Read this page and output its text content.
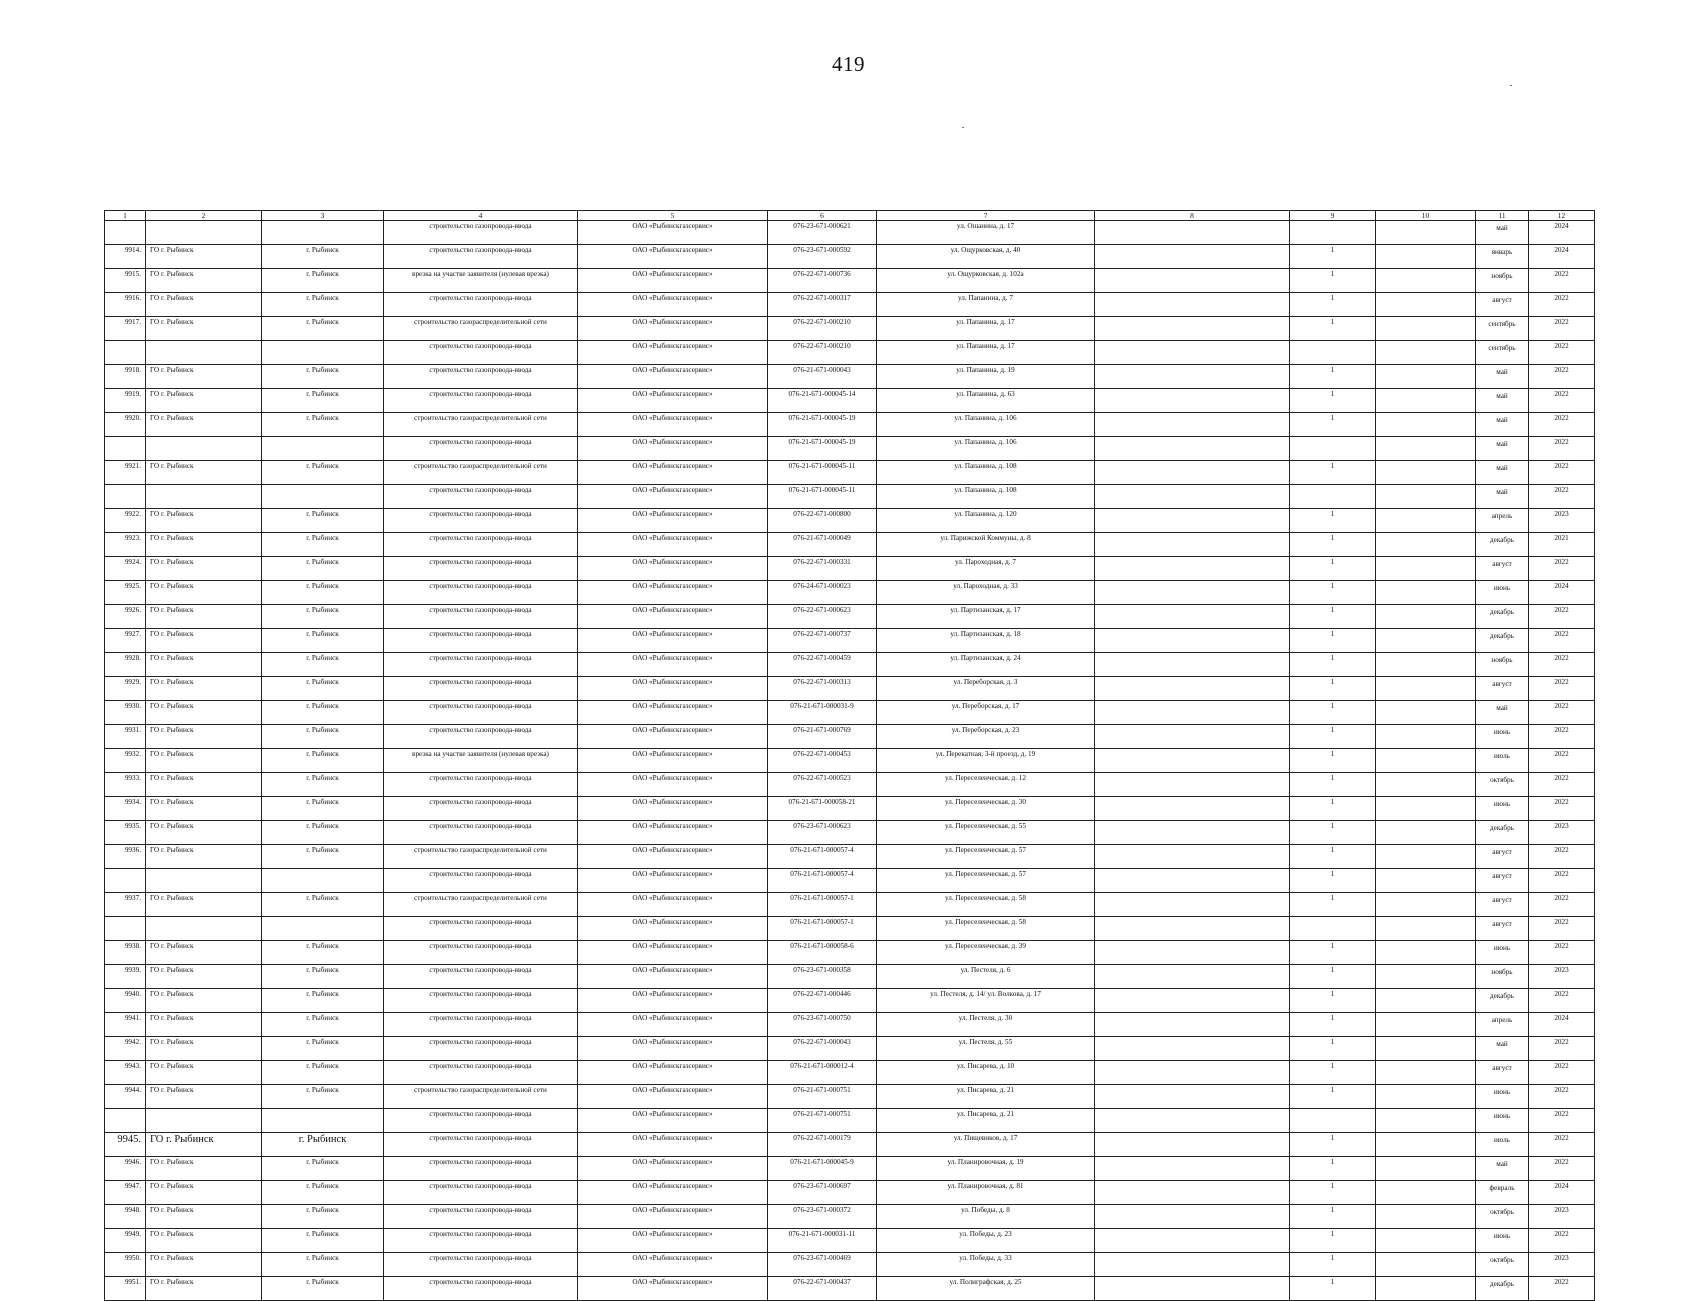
419
1	2	3	4	5	6	7	8	9	10	11	12
			строительство газопровода-ввода	ОАО «Рыбинскгазсервис»	076-23-671-000621	ул. Ошанина, д. 17				май	2024
9914.	ГО г. Рыбинск	г. Рыбинск	строительство газопровода-ввода	ОАО «Рыбинскгазсервис»	076-23-671-000592	ул. Ощурковская, д. 40		1		январь	2024
9915.	ГО г. Рыбинск	г. Рыбинск	врезка на участке заявителя (нулевая врезка)	ОАО «Рыбинскгазсервис»	076-22-671-000736	ул. Ощурковская, д. 102а		1		ноябрь	2022
9916.	ГО г. Рыбинск	г. Рыбинск	строительство газопровода-ввода	ОАО «Рыбинскгазсервис»	076-22-671-000317	ул. Папанина, д. 7		1		август	2022
9917.	ГО г. Рыбинск	г. Рыбинск	строительство газораспределительной сети	ОАО «Рыбинскгазсервис»	076-22-671-000210	ул. Папанина, д. 17		1		сентябрь	2022
			строительство газопровода-ввода	ОАО «Рыбинскгазсервис»	076-22-671-000210	ул. Папанина, д. 17				сентябрь	2022
9918.	ГО г. Рыбинск	г. Рыбинск	строительство газопровода-ввода	ОАО «Рыбинскгазсервис»	076-21-671-000043	ул. Папанина, д. 19		1		май	2022
9919.	ГО г. Рыбинск	г. Рыбинск	строительство газопровода-ввода	ОАО «Рыбинскгазсервис»	076-21-671-000045-14	ул. Папанина, д. 63		1		май	2022
9920.	ГО г. Рыбинск	г. Рыбинск	строительство газораспределительной сети	ОАО «Рыбинскгазсервис»	076-21-671-000045-19	ул. Папанина, д. 106		1		май	2022
			строительство газопровода-ввода	ОАО «Рыбинскгазсервис»	076-21-671-000045-19	ул. Папанина, д. 106				май	2022
9921.	ГО г. Рыбинск	г. Рыбинск	строительство газораспределительной сети	ОАО «Рыбинскгазсервис»	076-21-671-000045-11	ул. Папанина, д. 108		1		май	2022
			строительство газопровода-ввода	ОАО «Рыбинскгазсервис»	076-21-671-000045-11	ул. Папанина, д. 108				май	2022
9922.	ГО г. Рыбинск	г. Рыбинск	строительство газопровода-ввода	ОАО «Рыбинскгазсервис»	076-22-671-000800	ул. Папанина, д. 120		1		апрель	2023
9923.	ГО г. Рыбинск	г. Рыбинск	строительство газопровода-ввода	ОАО «Рыбинскгазсервис»	076-21-671-000049	ул. Парижской Коммуны, д. 8		1		декабрь	2021
9924.	ГО г. Рыбинск	г. Рыбинск	строительство газопровода-ввода	ОАО «Рыбинскгазсервис»	076-22-671-000331	ул. Пароходная, д. 7		1		август	2022
9925.	ГО г. Рыбинск	г. Рыбинск	строительство газопровода-ввода	ОАО «Рыбинскгазсервис»	076-24-671-000023	ул. Пароходная, д. 33		1		июнь	2024
9926.	ГО г. Рыбинск	г. Рыбинск	строительство газопровода-ввода	ОАО «Рыбинскгазсервис»	076-22-671-000623	ул. Партизанская, д. 17		1		декабрь	2022
9927.	ГО г. Рыбинск	г. Рыбинск	строительство газопровода-ввода	ОАО «Рыбинскгазсервис»	076-22-671-000737	ул. Партизанская, д. 18		1		декабрь	2022
9928.	ГО г. Рыбинск	г. Рыбинск	строительство газопровода-ввода	ОАО «Рыбинскгазсервис»	076-22-671-000459	ул. Партизанская, д. 24		1		ноябрь	2022
9929.	ГО г. Рыбинск	г. Рыбинск	строительство газопровода-ввода	ОАО «Рыбинскгазсервис»	076-22-671-000313	ул. Переборская, д. 3		1		август	2022
9930.	ГО г. Рыбинск	г. Рыбинск	строительство газопровода-ввода	ОАО «Рыбинскгазсервис»	076-21-671-000031-9	ул. Переборская, д. 17		1		май	2022
9931.	ГО г. Рыбинск	г. Рыбинск	строительство газопровода-ввода	ОАО «Рыбинскгазсервис»	076-21-671-000769	ул. Переборская, д. 23		1		июнь	2022
9932.	ГО г. Рыбинск	г. Рыбинск	врезка на участке заявителя (нулевая врезка)	ОАО «Рыбинскгазсервис»	076-22-671-000453	ул. Перекатная, 3-й проезд, д. 19		1		июль	2022
9933.	ГО г. Рыбинск	г. Рыбинск	строительство газопровода-ввода	ОАО «Рыбинскгазсервис»	076-22-671-000523	ул. Переселенческая, д. 12		1		октябрь	2022
9934.	ГО г. Рыбинск	г. Рыбинск	строительство газопровода-ввода	ОАО «Рыбинскгазсервис»	076-21-671-000058-21	ул. Переселенческая, д. 30		1		июнь	2022
9935.	ГО г. Рыбинск	г. Рыбинск	строительство газопровода-ввода	ОАО «Рыбинскгазсервис»	076-23-671-000623	ул. Переселенческая, д. 55		1		декабрь	2023
9936.	ГО г. Рыбинск	г. Рыбинск	строительство газораспределительной сети	ОАО «Рыбинскгазсервис»	076-21-671-000057-4	ул. Переселенческая, д. 57		1		август	2022
			строительство газопровода-ввода	ОАО «Рыбинскгазсервис»	076-21-671-000057-4	ул. Переселенческая, д. 57		1		август	2022
9937.	ГО г. Рыбинск	г. Рыбинск	строительство газораспределительной сети	ОАО «Рыбинскгазсервис»	076-21-671-000057-1	ул. Переселенческая, д. 58		1		август	2022
			строительство газопровода-ввода	ОАО «Рыбинскгазсервис»	076-21-671-000057-1	ул. Переселенческая, д. 58				август	2022
9938.	ГО г. Рыбинск	г. Рыбинск	строительство газопровода-ввода	ОАО «Рыбинскгазсервис»	076-21-671-000058-6	ул. Переселенческая, д. 39		1		июнь	2022
9939.	ГО г. Рыбинск	г. Рыбинск	строительство газопровода-ввода	ОАО «Рыбинскгазсервис»	076-23-671-000358	ул. Пестеля, д. 6		1		ноябрь	2023
9940.	ГО г. Рыбинск	г. Рыбинск	строительство газопровода-ввода	ОАО «Рыбинскгазсервис»	076-22-671-000446	ул. Пестеля, д. 14/ ул. Волкова, д. 17		1		декабрь	2022
9941.	ГО г. Рыбинск	г. Рыбинск	строительство газопровода-ввода	ОАО «Рыбинскгазсервис»	076-23-671-000750	ул. Пестеля, д. 30		1		апрель	2024
9942.	ГО г. Рыбинск	г. Рыбинск	строительство газопровода-ввода	ОАО «Рыбинскгазсервис»	076-22-671-000043	ул. Пестеля, д. 55		1		май	2022
9943.	ГО г. Рыбинск	г. Рыбинск	строительство газопровода-ввода	ОАО «Рыбинскгазсервис»	076-21-671-000012-4	ул. Писарева, д. 10		1		август	2022
9944.	ГО г. Рыбинск	г. Рыбинск	строительство газораспределительной сети	ОАО «Рыбинскгазсервис»	076-21-671-000751	ул. Писарева, д. 21		1		июнь	2022
			строительство газопровода-ввода	ОАО «Рыбинскгазсервис»	076-21-671-000751	ул. Писарева, д. 21				июнь	2022
9945.	ГО г. Рыбинск	г. Рыбинск	строительство газопровода-ввода	ОАО «Рыбинскгазсервис»	076-22-671-000179	ул. Пищевиков, д. 17		1		июль	2022
9946.	ГО г. Рыбинск	г. Рыбинск	строительство газопровода-ввода	ОАО «Рыбинскгазсервис»	076-21-671-000045-9	ул. Планировочная, д. 19		1		май	2022
9947.	ГО г. Рыбинск	г. Рыбинск	строительство газопровода-ввода	ОАО «Рыбинскгазсервис»	076-23-671-000697	ул. Планировочная, д. 81		1		февраль	2024
9948.	ГО г. Рыбинск	г. Рыбинск	строительство газопровода-ввода	ОАО «Рыбинскгазсервис»	076-23-671-000372	ул. Победы, д. 8		1		октябрь	2023
9949.	ГО г. Рыбинск	г. Рыбинск	строительство газопровода-ввода	ОАО «Рыбинскгазсервис»	076-21-671-000031-11	ул. Победы, д. 23		1		июнь	2022
9950.	ГО г. Рыбинск	г. Рыбинск	строительство газопровода-ввода	ОАО «Рыбинскгазсервис»	076-23-671-000469	ул. Победы, д. 33		1		октябрь	2023
9951.	ГО г. Рыбинск	г. Рыбинск	строительство газопровода-ввода	ОАО «Рыбинскгазсервис»	076-22-671-000437	ул. Полиграфская, д. 25		1		декабрь	2022
